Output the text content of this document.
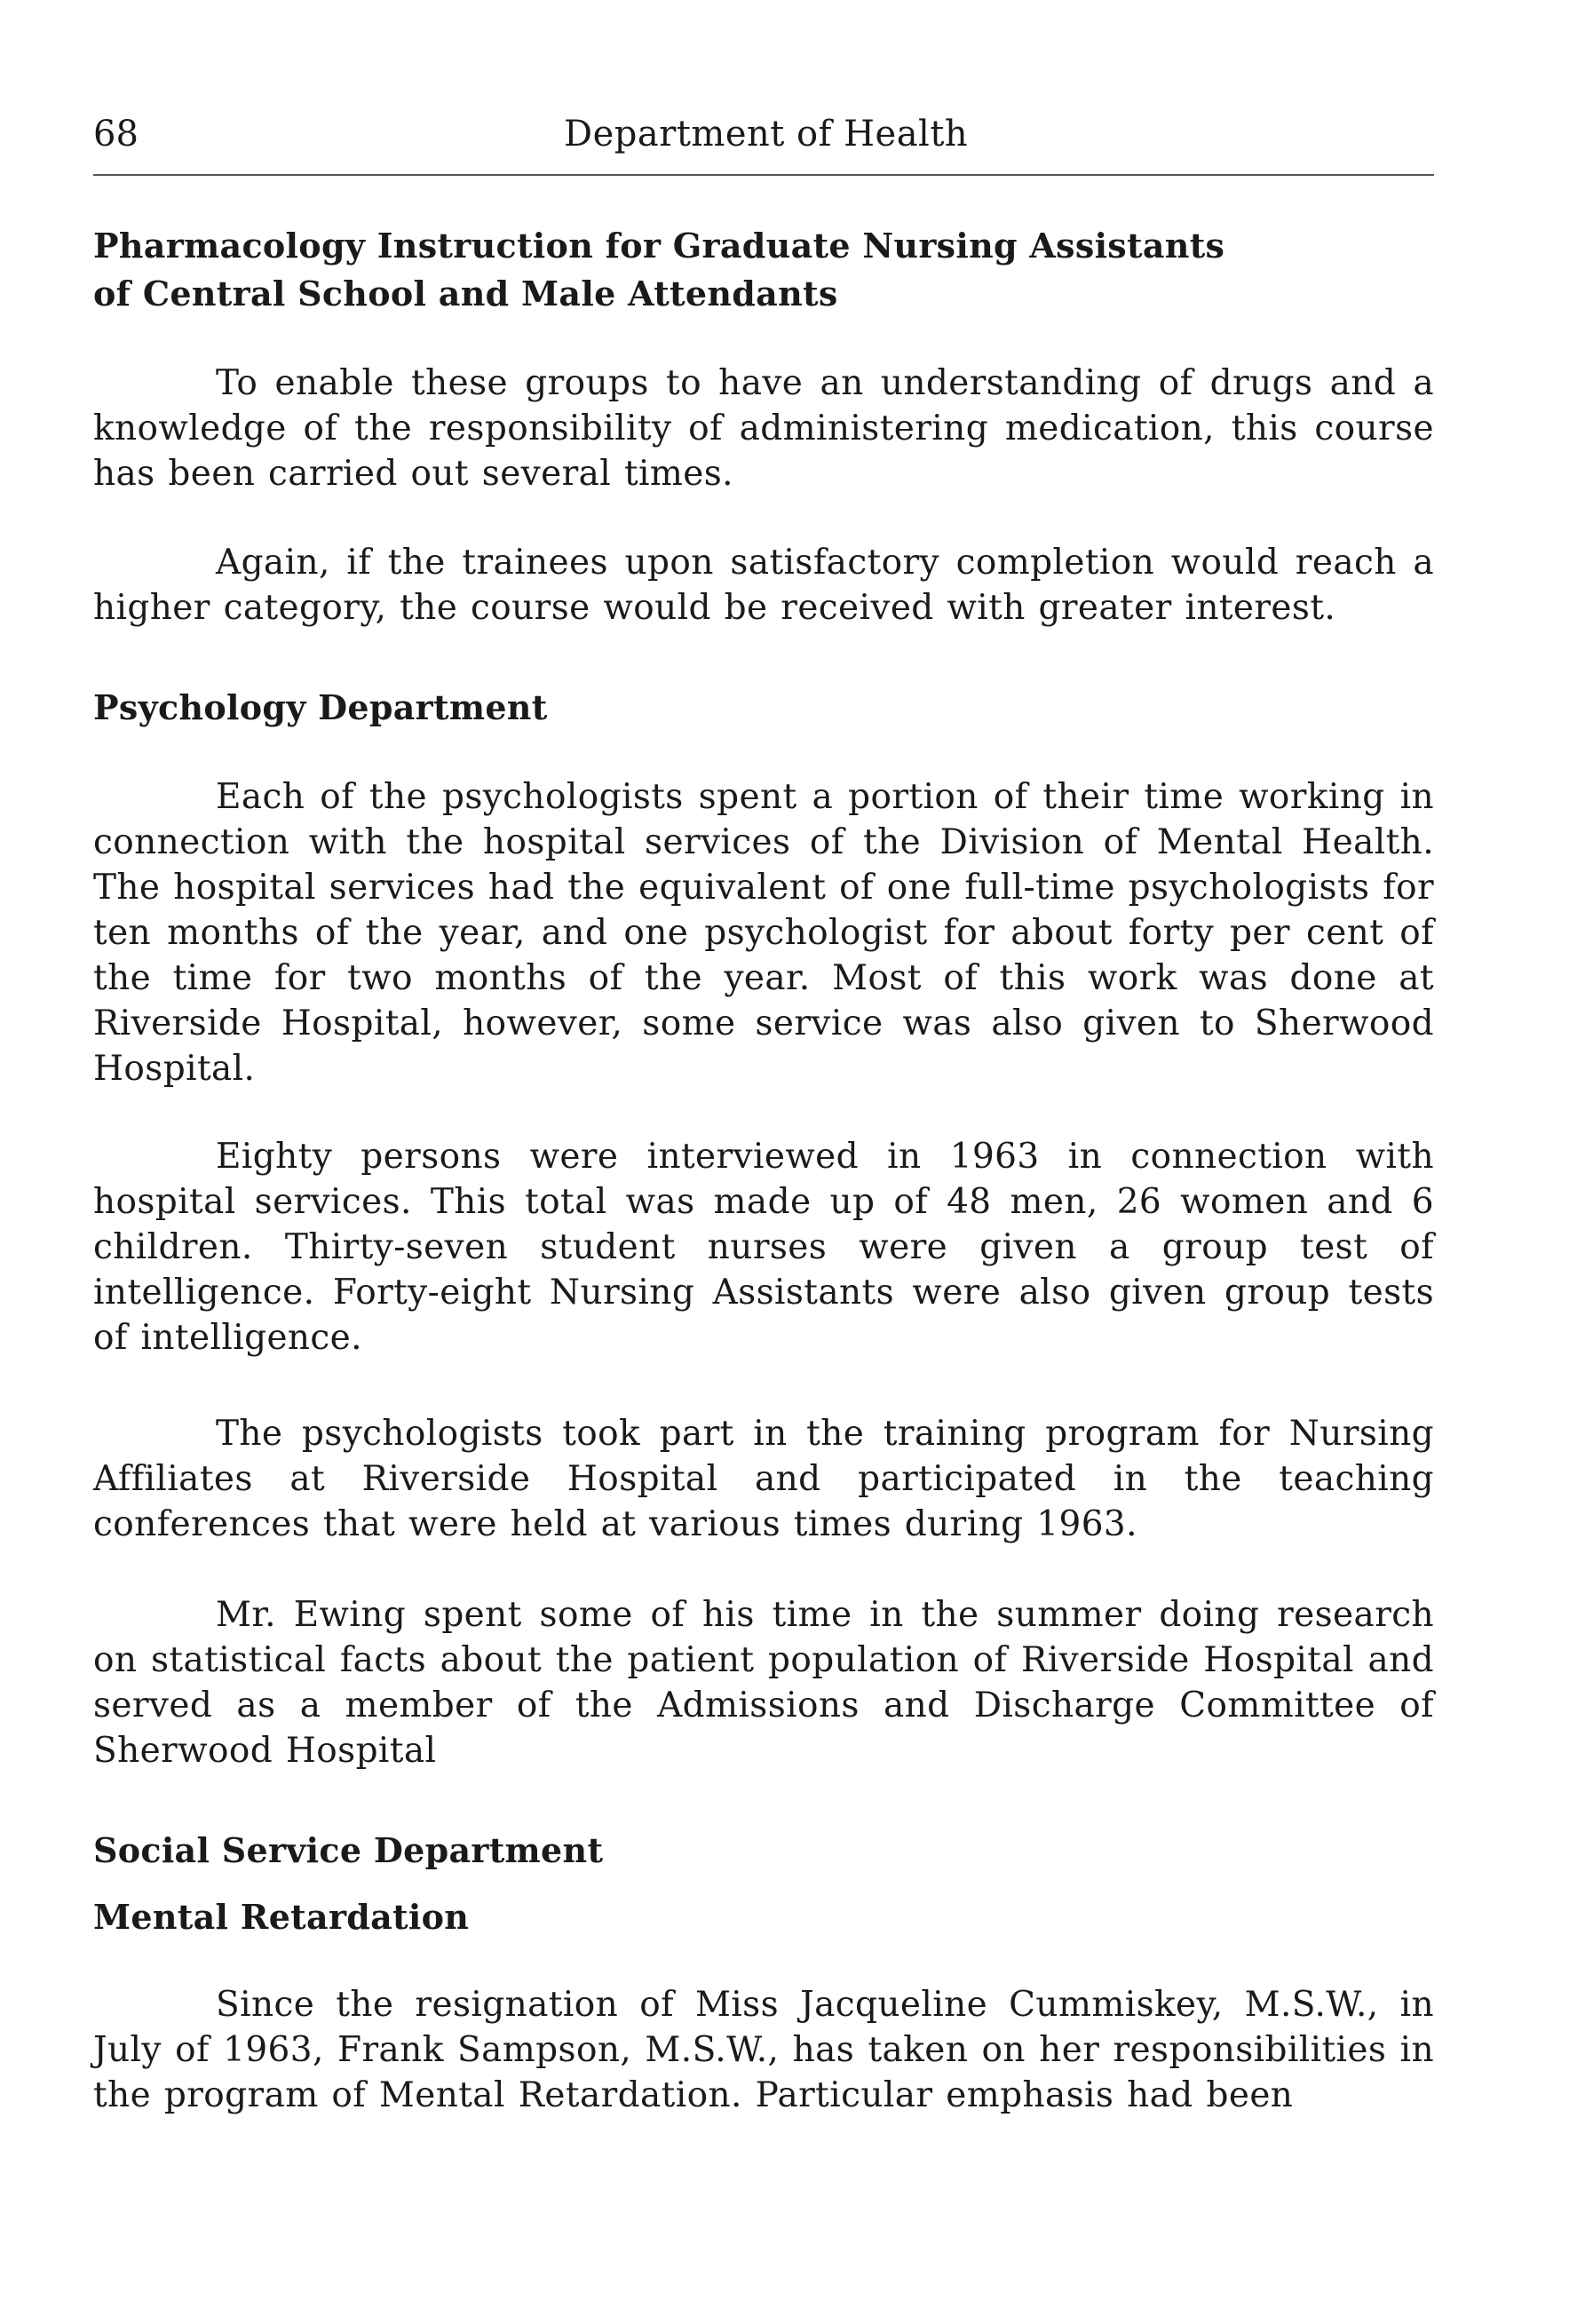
68	Department of Health
Pharmacology Instruction for Graduate Nursing Assistants
of Central School and Male Attendants

To enable these groups to have an understanding of drugs and a knowledge of the responsibility of administering medication, this course has been carried out several times.

Again, if the trainees upon satisfactory completion would reach a higher category, the course would be received with greater interest.

Psychology Department

Each of the psychologists spent a portion of their time working in connection with the hospital services of the Division of Mental Health. The hospital services had the equivalent of one full-time psychologists for ten months of the year, and one psychologist for about forty per cent of the time for two months of the year. Most of this work was done at Riverside Hospital, however, some service was also given to Sherwood Hospital.

Eighty persons were interviewed in 1963 in connection with hospital services. This total was made up of 48 men, 26 women and 6 children. Thirty-seven student nurses were given a group test of intelligence. Forty-eight Nursing Assistants were also given group tests of intelligence.

The psychologists took part in the training program for Nursing Affiliates at Riverside Hospital and participated in the teaching conferences that were held at various times during 1963.

Mr. Ewing spent some of his time in the summer doing research on statistical facts about the patient population of Riverside Hospital and served as a member of the Admissions and Discharge Committee of Sherwood Hospital

Social Service Department
Mental Retardation

Since the resignation of Miss Jacqueline Cummiskey, M.S.W., in July of 1963, Frank Sampson, M.S.W., has taken on her responsibilities in the program of Mental Retardation. Particular emphasis had been
